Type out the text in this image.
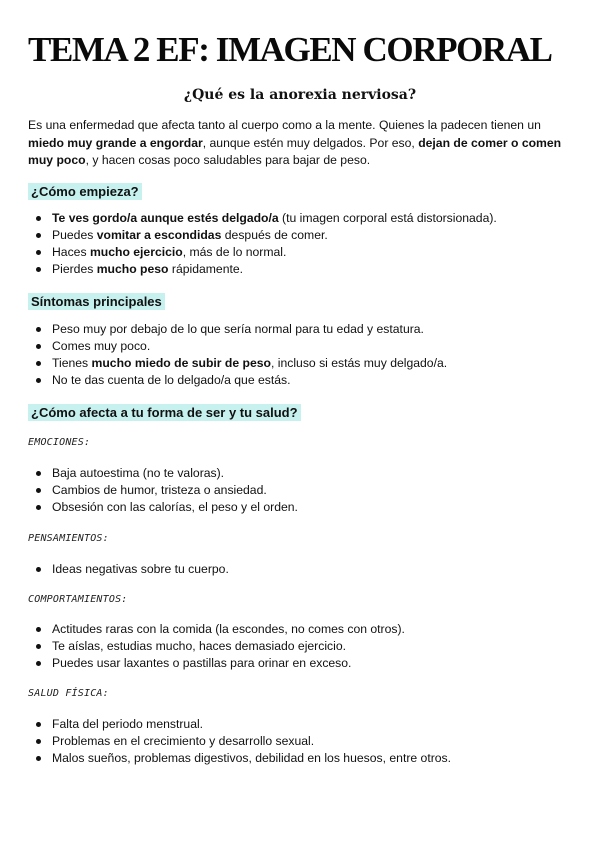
TEMA 2 EF: IMAGEN CORPORAL
¿Qué es la anorexia nerviosa?

Es una enfermedad que afecta tanto al cuerpo como a la mente. Quienes la padecen tienen un miedo muy grande a engordar, aunque estén muy delgados. Por eso, dejan de comer o comen muy poco, y hacen cosas poco saludables para bajar de peso.

¿Cómo empieza?
Te ves gordo/a aunque estés delgado/a (tu imagen corporal está distorsionada).
Puedes vomitar a escondidas después de comer.
Haces mucho ejercicio, más de lo normal.
Pierdes mucho peso rápidamente.
Síntomas principales
Peso muy por debajo de lo que sería normal para tu edad y estatura.
Comes muy poco.
Tienes mucho miedo de subir de peso, incluso si estás muy delgado/a.
No te das cuenta de lo delgado/a que estás.
¿Cómo afecta a tu forma de ser y tu salud?
EMOCIONES:
Baja autoestima (no te valoras).
Cambios de humor, tristeza o ansiedad.
Obsesión con las calorías, el peso y el orden.
PENSAMIENTOS:
Ideas negativas sobre tu cuerpo.
COMPORTAMIENTOS:
Actitudes raras con la comida (la escondes, no comes con otros).
Te aíslas, estudias mucho, haces demasiado ejercicio.
Puedes usar laxantes o pastillas para orinar en exceso.
SALUD FÍSICA:
Falta del periodo menstrual.
Problemas en el crecimiento y desarrollo sexual.
Malos sueños, problemas digestivos, debilidad en los huesos, entre otros.
